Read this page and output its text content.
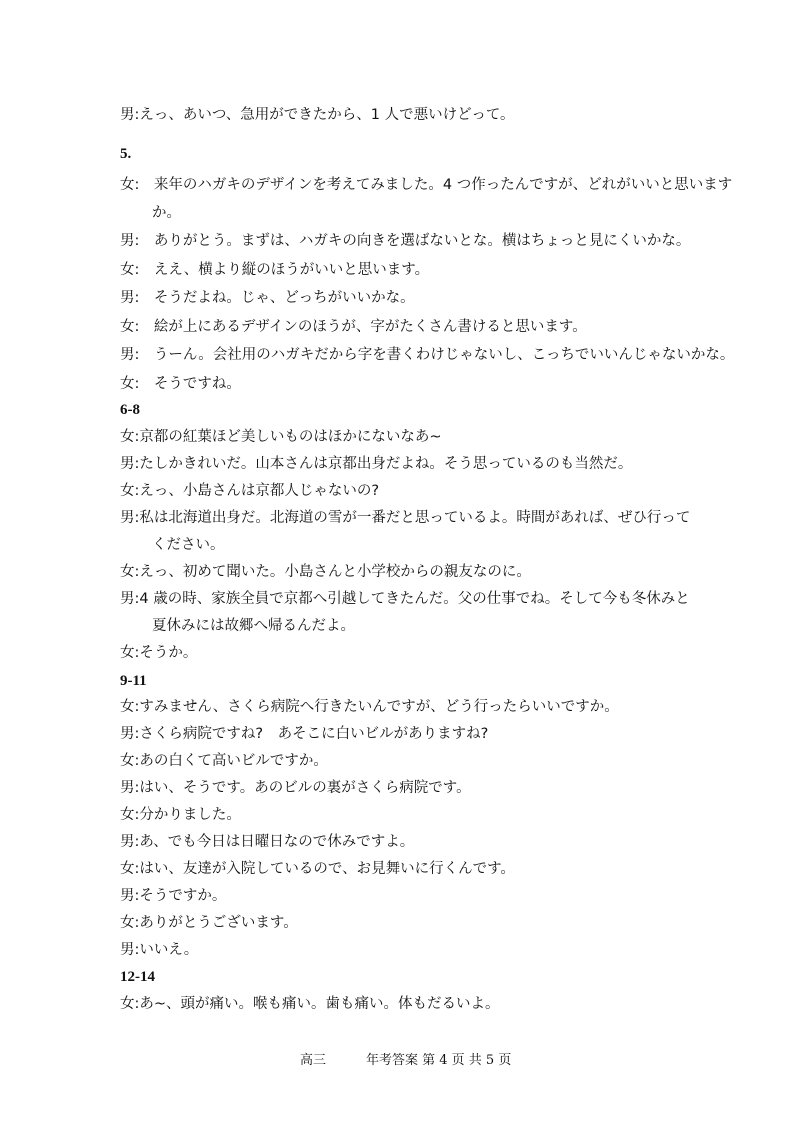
男:えっ、あいつ、急用ができたから、1 人で悪いけどって。

5.

女:　来年のハガキのデザインを考えてみました。4 つ作ったんですが、どれがいいと思います

か。

男:　ありがとう。まずは、ハガキの向きを選ばないとな。横はちょっと見にくいかな。

女:　ええ、横より縦のほうがいいと思います。

男:　そうだよね。じゃ、どっちがいいかな。

女:　絵が上にあるデザインのほうが、字がたくさん書けると思います。

男:　うーん。会社用のハガキだから字を書くわけじゃないし、こっちでいいんじゃないかな。

女:　そうですね。

6-8

女:京都の紅葉ほど美しいものはほかにないなあ~

男:たしかきれいだ。山本さんは京都出身だよね。そう思っているのも当然だ。

女:えっ、小島さんは京都人じゃないの?

男:私は北海道出身だ。北海道の雪が一番だと思っているよ。時間があれば、ぜひ行って

ください。

女:えっ、初めて聞いた。小島さんと小学校からの親友なのに。

男:4 歳の時、家族全員で京都へ引越してきたんだ。父の仕事でね。そして今も冬休みと

夏休みには故郷へ帰るんだよ。

女:そうか。

9-11

女:すみません、さくら病院へ行きたいんですが、どう行ったらいいですか。

男:さくら病院ですね?　あそこに白いビルがありますね?

女:あの白くて高いビルですか。

男:はい、そうです。あのビルの裏がさくら病院です。

女:分かりました。

男:あ、でも今日は日曜日なので休みですよ。

女:はい、友達が入院しているので、お見舞いに行くんです。

男:そうですか。

女:ありがとうございます。

男:いいえ。

12-14

女:あ~、頭が痛い。喉も痛い。歯も痛い。体もだるいよ。

高三	年考答案 第 4 页 共 5 页
